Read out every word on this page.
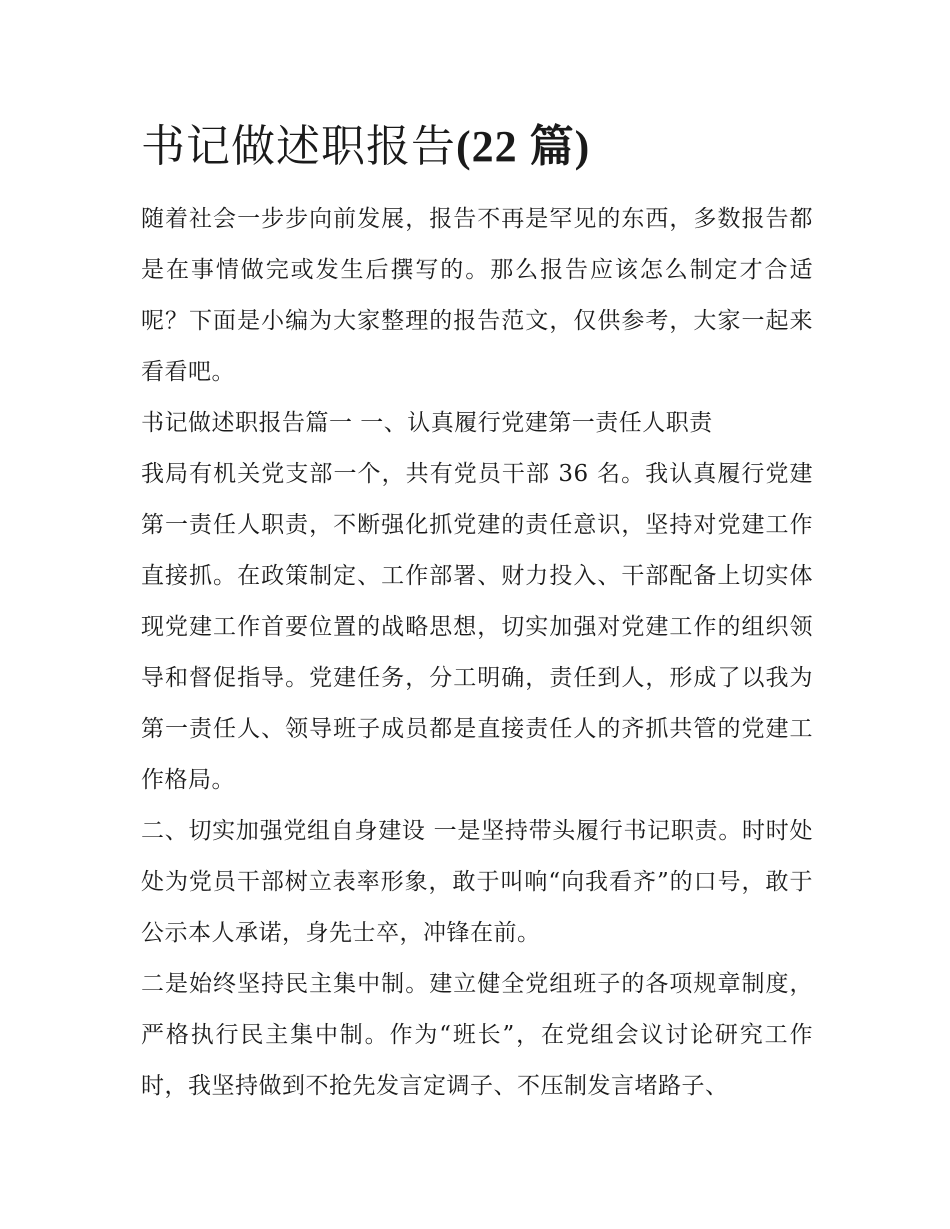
书记做述职报告(22 篇)

随着社会一步步向前发展，报告不再是罕见的东西，多数报告都是在事情做完或发生后撰写的。那么报告应该怎么制定才合适呢？下面是小编为大家整理的报告范文，仅供参考，大家一起来看看吧。

书记做述职报告篇一 一、认真履行党建第一责任人职责

我局有机关党支部一个，共有党员干部 36 名。我认真履行党建第一责任人职责，不断强化抓党建的责任意识，坚持对党建工作直接抓。在政策制定、工作部署、财力投入、干部配备上切实体现党建工作首要位置的战略思想，切实加强对党建工作的组织领导和督促指导。党建任务，分工明确，责任到人，形成了以我为第一责任人、领导班子成员都是直接责任人的齐抓共管的党建工作格局。

二、切实加强党组自身建设 一是坚持带头履行书记职责。时时处处为党员干部树立表率形象，敢于叫响“向我看齐”的口号，敢于公示本人承诺，身先士卒，冲锋在前。

二是始终坚持民主集中制。建立健全党组班子的各项规章制度，严格执行民主集中制。作为“班长”，在党组会议讨论研究工作时，我坚持做到不抢先发言定调子、不压制发言堵路子、
